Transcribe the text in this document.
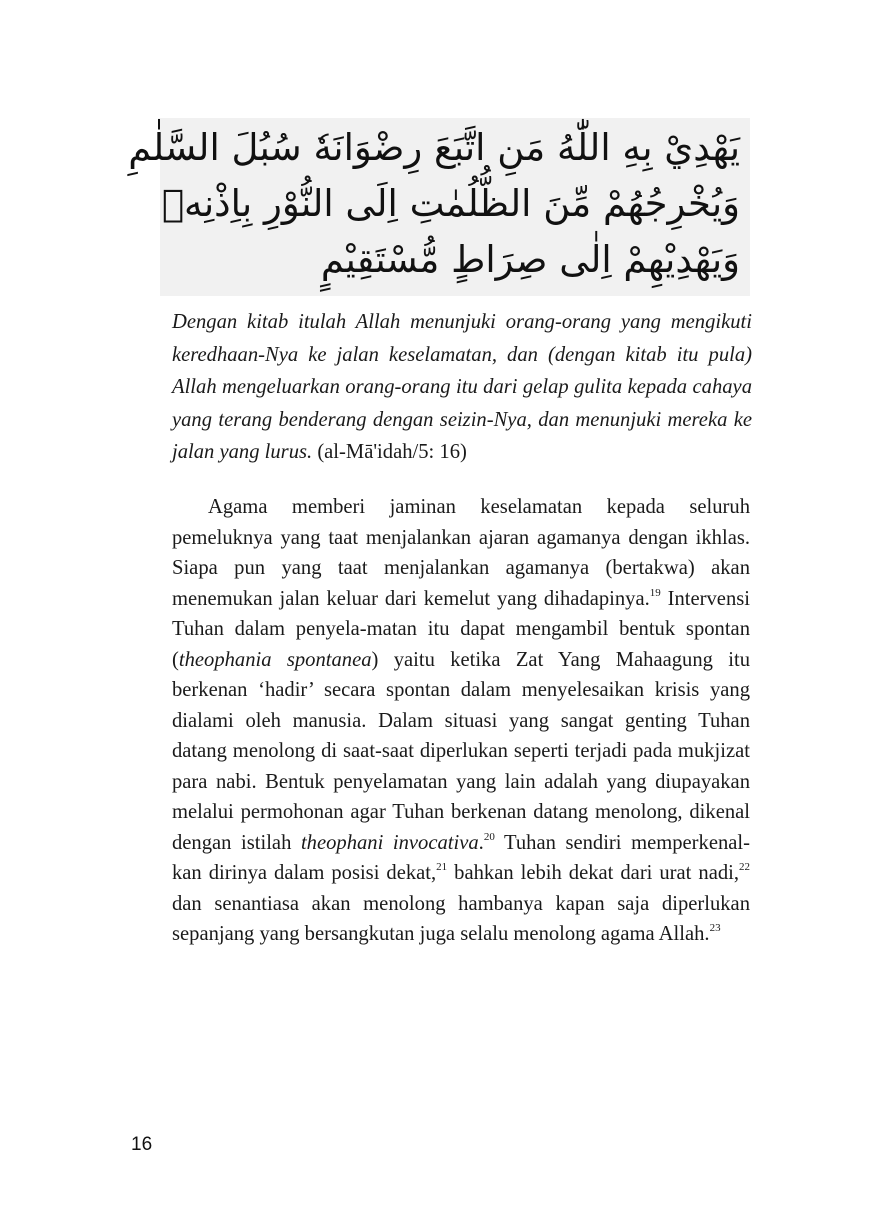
يَهْدِيْ بِهِ اللّٰهُ مَنِ اتَّبَعَ رِضْوَانَهٗ سُبُلَ السَّلٰمِ
وَيُخْرِجُهُمْ مِّنَ الظُّلُمٰتِ اِلَى النُّوْرِ بِاِذْنِهٖ
وَيَهْدِيْهِمْ اِلٰى صِرَاطٍ مُّسْتَقِيْمٍ
Dengan kitab itulah Allah menunjuki orang-orang yang mengikuti keredhaan-Nya ke jalan keselamatan, dan (dengan kitab itu pula) Allah mengeluarkan orang-orang itu dari gelap gulita kepada cahaya yang terang benderang dengan seizin-Nya, dan menunjuki mereka ke jalan yang lurus. (al-Mā'idah/5: 16)

Agama memberi jaminan keselamatan kepada seluruh pemeluknya yang taat menjalankan ajaran agamanya dengan ikhlas. Siapa pun yang taat menjalankan agamanya (bertakwa) akan menemukan jalan keluar dari kemelut yang dihadapinya.$^{19}$ Intervensi Tuhan dalam penyela-matan itu dapat mengambil bentuk spontan (theophania spontanea) yaitu ketika Zat Yang Mahaagung itu berkenan ‘hadir’ secara spontan dalam menyelesaikan krisis yang dialami oleh manusia. Dalam situasi yang sangat genting Tuhan datang menolong di saat-saat diperlukan seperti terjadi pada mukjizat para nabi. Bentuk penyelamatan yang lain adalah yang diupayakan melalui permohonan agar Tuhan berkenan datang menolong, dikenal dengan istilah theophani invocativa.$^{20}$ Tuhan sendiri memperkenal-kan dirinya dalam posisi dekat,$^{21}$ bahkan lebih dekat dari urat nadi,$^{22}$ dan senantiasa akan menolong hambanya kapan saja diperlukan sepanjang yang bersangkutan juga selalu menolong agama Allah.$^{23}$

16
